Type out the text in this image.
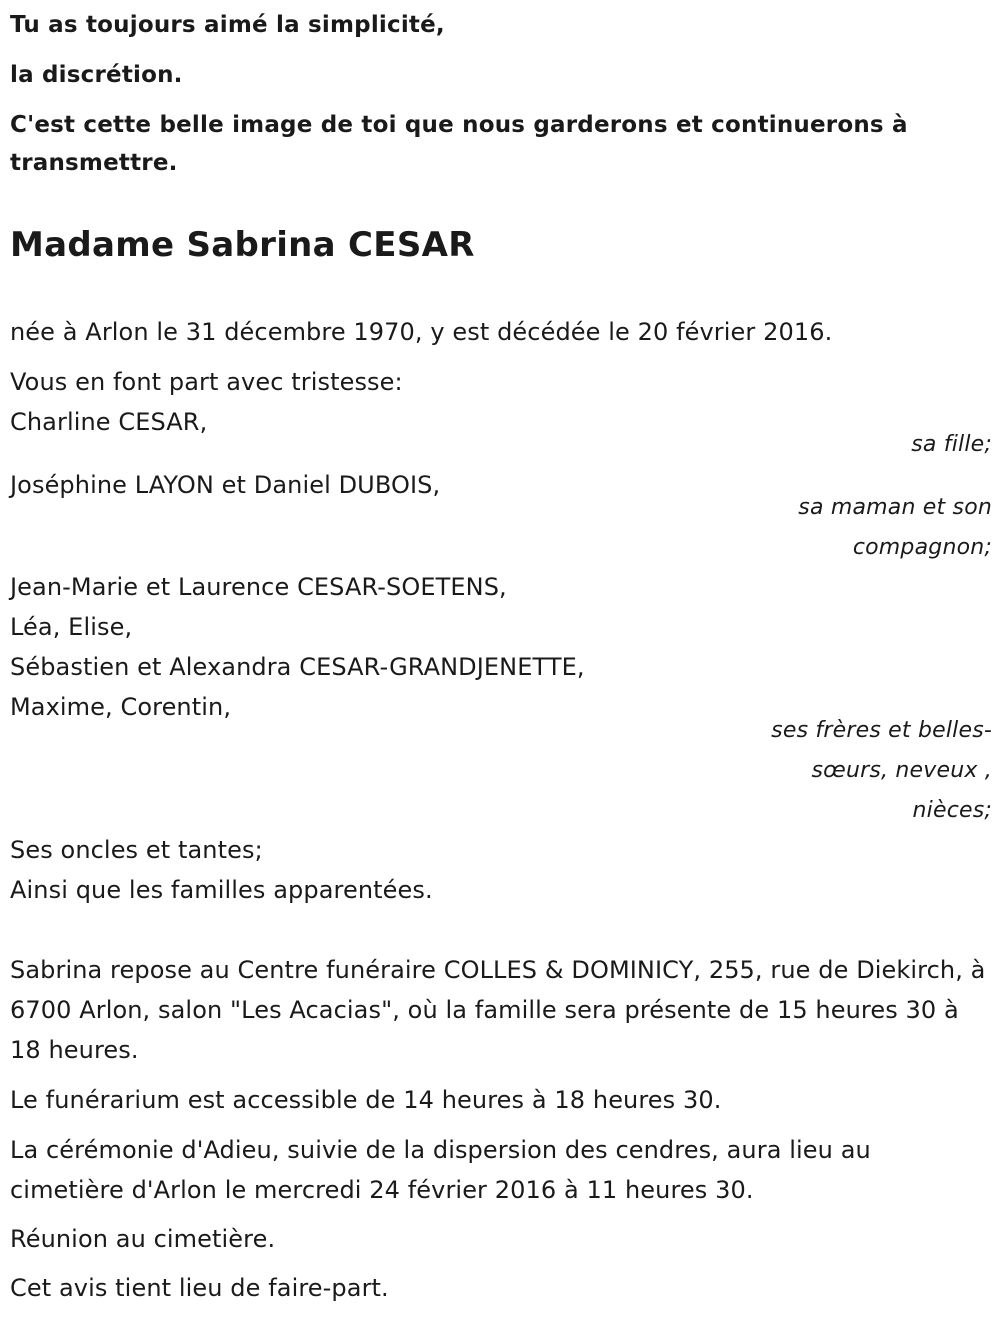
Tu as toujours aimé la simplicité,

la discrétion.

C'est cette belle image de toi que nous garderons et continuerons à transmettre.

Madame Sabrina CESAR

née à Arlon le 31 décembre 1970, y est décédée le 20 février 2016.

Vous en font part avec tristesse:

Charline CESAR,

sa fille;

Joséphine LAYON et Daniel DUBOIS,

sa maman et son

compagnon;

Jean-Marie et Laurence CESAR-SOETENS,

Léa, Elise,

Sébastien et Alexandra CESAR-GRANDJENETTE,

Maxime, Corentin,

ses frères et belles-

sœurs, neveux ,

nièces;

Ses oncles et tantes;

Ainsi que les familles apparentées.

Sabrina repose au Centre funéraire COLLES & DOMINICY, 255, rue de Diekirch, à 6700 Arlon, salon "Les Acacias", où la famille sera présente de 15 heures 30 à 18 heures.

Le funérarium est accessible de 14 heures à 18 heures 30.

La cérémonie d'Adieu, suivie de la dispersion des cendres, aura lieu au cimetière d'Arlon le mercredi 24 février 2016 à 11 heures 30.

Réunion au cimetière.

Cet avis tient lieu de faire-part.
